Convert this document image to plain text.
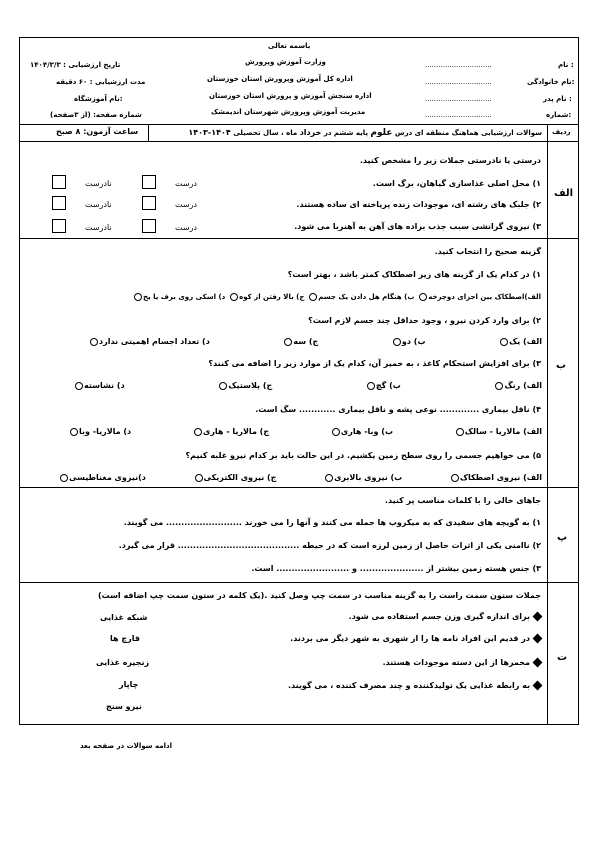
باسمه تعالی
وزارت آموزش وپرورش
اداره کل آموزش وپرورش استان خوزستان
اداره سنجش آموزش و پرورش استان خوزستان
مدیریت آموزش وپرورش شهرستان اندیمشک
نام :
..............................
نام خانوادگی:
..............................
نام پدر :
..............................
شماره:
..............................
تاریخ ارزشیابی : ۱۴۰۴/۳/۳
مدت ارزشیابی : ۶۰ دقیقه
نام آموزشگاه:
شماره صفحه: (از ۳صفحه)
ردیف
سوالات ارزشیابی هماهنگ منطقه ای درس علوم پایه ششم در خرداد ماه ، سال تحصیلی ۱۴۰۴-۱۴۰۳
ساعت آزمون: ۸ صبح
الف
درستی یا نادرستی جملات زیر را مشخص کنید.
۱) محل اصلی غذاسازی گیاهان، برگ است.
۲) جلبک های رشته ای، موجودات زنده پریاخته ای ساده هستند.
۳) نیروی گرانشی سبب جذب براده های آهن به آهنربا می شود.
درست
نادرست
درست
نادرست
درست
نادرست
ب
گزینه صحیح را انتخاب کنید.
۱) در کدام یک از گزینه های زیر اصطکاک کمتر باشد ، بهتر است؟
الف)اصطکاک بین اجزای دوچرخه  ب) هنگام هل دادن یک جسم  ج) بالا رفتن از کوه  د) اسکی روی برف یا یخ
۲) برای وارد کردن نیرو ، وجود حداقل چند جسم لازم است؟
الف) یک
ب) دو
ج) سه
د) تعداد اجسام اهمیتی ندارد
۳) برای افزایش استحکام کاغذ ، به خمیر آن، کدام یک از موارد زیر را اضافه می کنند؟
الف) رنگ
ب) گچ
ج) پلاستیک
د) نشاسته
۴) ناقل بیماری ............. نوعی پشه و ناقل بیماری ............ سگ است.
الف) مالاریا - سالک
ب) وبا- هاری
ج) مالاریا - هاری
د) مالاریا- وبا
۵) می خواهیم جسمی را روی سطح زمین یکشیم. در این حالت باید بر کدام نیرو غلبه کنیم؟
الف) نیروی اصطکاک
ب) نیروی بالابری
ج) نیروی الکتریکی
د)نیروی مغناطیسی
پ
جاهای خالی را با کلمات مناسب پر کنید.
۱) به گویچه های سفیدی که به میکروب ها حمله می کنند و آنها را می خورند ......................... می گویند.
۲) ناامنی یکی از اثرات حاصل از زمین لرزه است که در حیطه ........................................ قرار می گیرد.
۳) جنس هسته زمین بیشتر از ..................... و ........................ است.
ت
جملات ستون سمت راست را به گزینه مناسب در سمت چپ وصل کنید .(یک کلمه در ستون سمت چپ اضافه است)
برای اندازه گیری وزن جسم استفاده می شود.
در قدیم این افراد نامه ها را از شهری به شهر دیگر می بردند.
مخمرها از این دسته موجودات هستند.
به رابطه غذایی یک تولیدکننده و چند مصرف کننده ، می گویند.
شبکه غذایی
قارچ ها
زنجیره غذایی
چاپار
نیرو سنج
ادامه سوالات در صفحه بعد
